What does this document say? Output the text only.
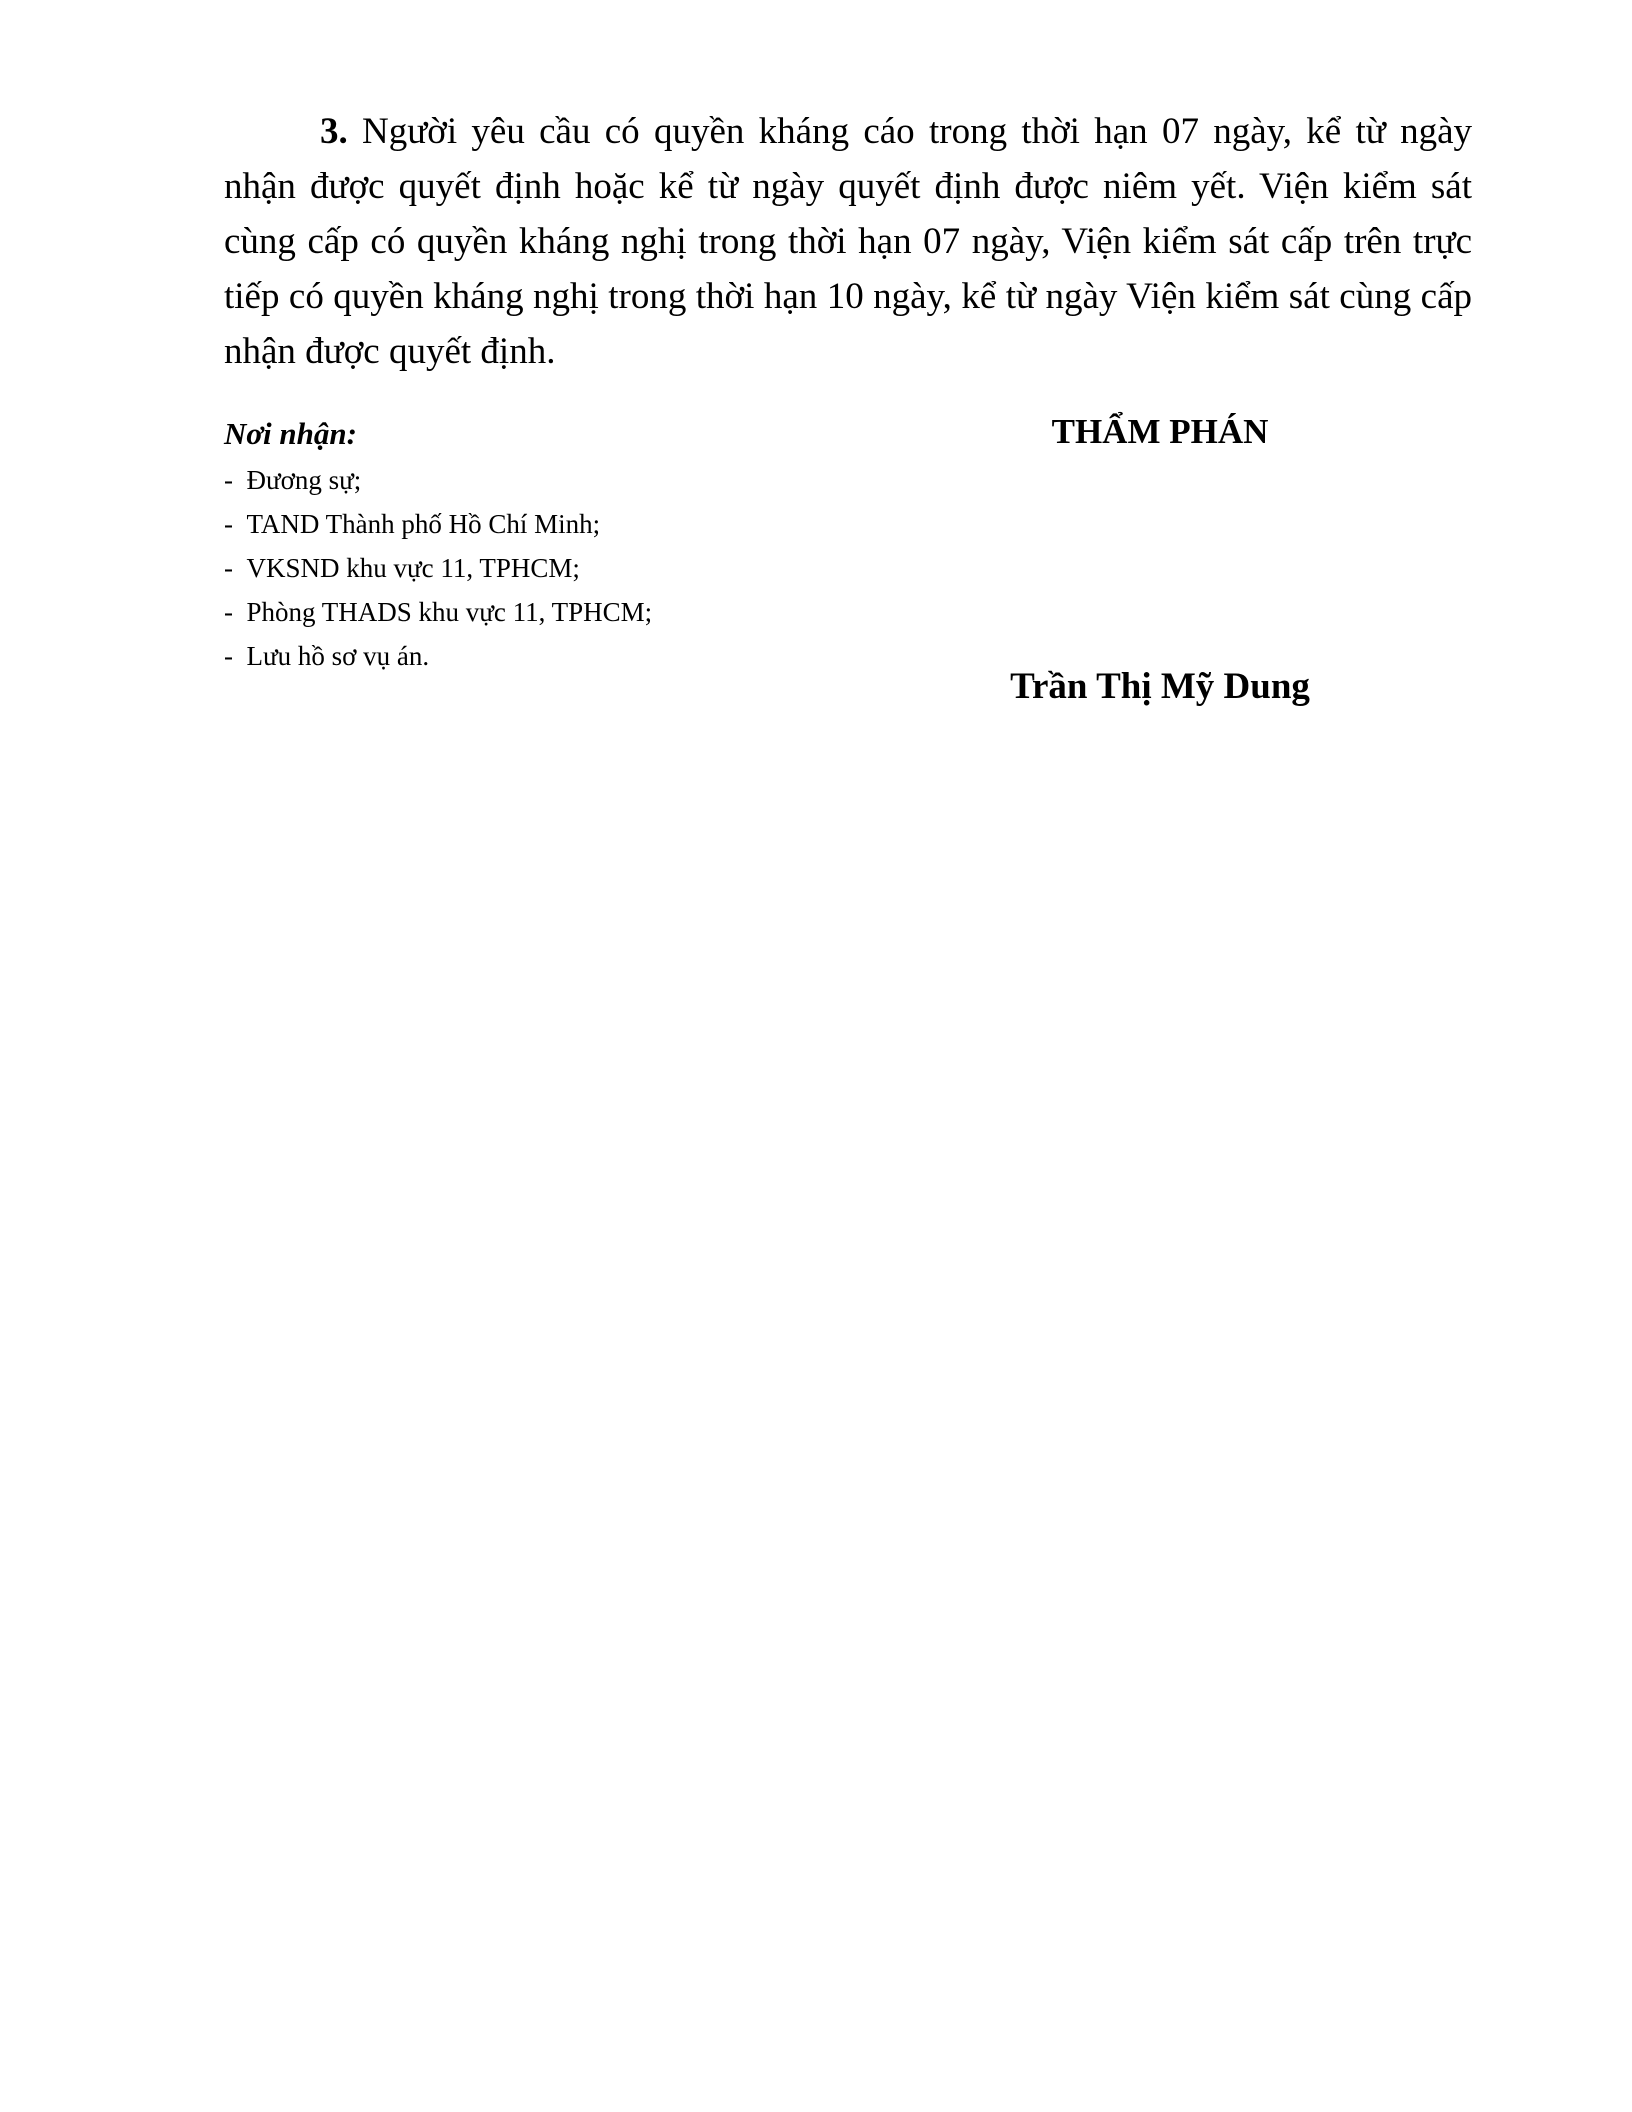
3. Người yêu cầu có quyền kháng cáo trong thời hạn 07 ngày, kể từ ngày nhận được quyết định hoặc kể từ ngày quyết định được niêm yết. Viện kiểm sát cùng cấp có quyền kháng nghị trong thời hạn 07 ngày, Viện kiểm sát cấp trên trực tiếp có quyền kháng nghị trong thời hạn 10 ngày, kể từ ngày Viện kiểm sát cùng cấp nhận được quyết định.

Nơi nhận:

-  Đương sự;
-  TAND Thành phố Hồ Chí Minh;
-  VKSND khu vực 11, TPHCM;
-  Phòng THADS khu vực 11, TPHCM;
-  Lưu hồ sơ vụ án.

THẨM PHÁN

Trần Thị Mỹ Dung
